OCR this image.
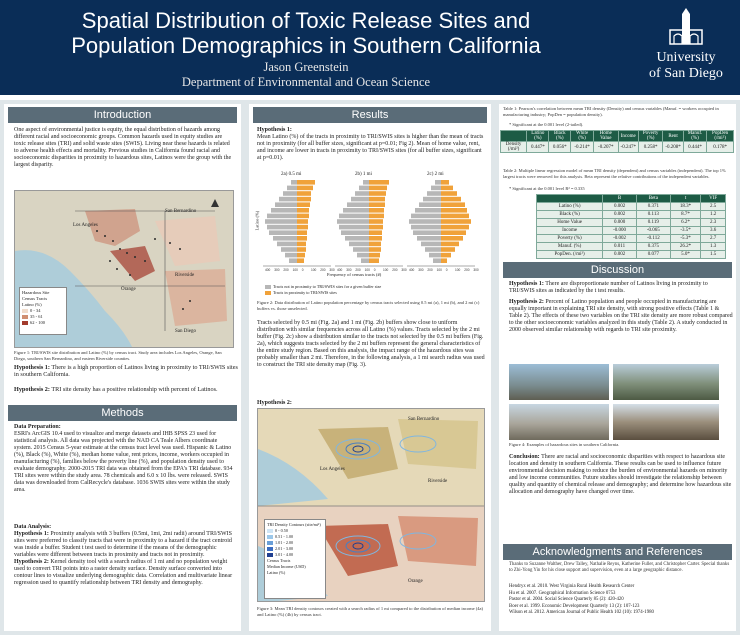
Spatial Distribution of Toxic Release Sites and
Population Demographics in Southern California
Jason Greenstein
Department of Environmental and Ocean Science
University
of San Diego
Introduction
One aspect of environmental justice is equity, the equal distribution of hazards among different racial and socioeconomic groups. Common hazards used in equity studies are toxic release sites (TRI) and solid waste sites (SWIS). Living near these hazards is related to adverse health effects and mortality. Previous studies in California found racial and socioeconomic disparities in proximity to hazardous sites, Latinos were the group with the largest disparity.
Los Angeles
San Bernardino
Riverside
Orange
San Diego
Hazardous Site
Census Tracts
Latino (%)
0 - 34
35 - 61
62 - 100
Figure 1: TRI/SWIS site distribution and Latino (%) by census tract. Study area includes Los Angeles, Orange, San Diego, southern San Bernardino, and eastern Riverside counties.
Hypothesis 1: There is a high proportion of Latinos living in proximity to TRI/SWIS sites in southern California.
Hypothesis 2: TRI site density has a positive relationship with percent of Latinos.
Methods
Data Preparation:
ESRI's ArcGIS 10.4 used to visualize and merge datasets and IHB SPSS 23 used for statistical analysis. All data was projected with the NAD CA Teale Albers coordinate system. 2015 Census 5-year estimate at the census tract level was used. Hispanic & Latino (%), Black (%), White (%), median home value, rent prices, income, workers occupied in manufacturing (%), families below the poverty line (%), and population density used to evaluate demography. 2000-2015 TRI data was obtained from the EPA's TRI database. 934 TRI sites were within the study area. 78 chemicals and 6.0 x 10 lbs. were released. SWIS data was downloaded from CalRecycle's database. 1036 SWIS sites were within the study area.
Data Analysis:
Hypothesis 1: Proximity analysis with 3 buffers (0.5mi, 1mi, 2mi radii) around TRI/SWIS sites were preferred to classify tracts that were in proximity to a hazard if the tract centroid was inside a buffer. Student t test used to determine if the means of the demographic variables were different between tracts in proximity and tracts not in proximity.
Hypothesis 2: Kernel density tool with a search radius of 1 mi and no population weight used to convert TRI points into a raster density surface. Density surface converted into contour lines to visualize underlying demographic data. Correlation and multivariate linear regression used to quantify relationship between TRI density and demography.
Results
Hypothesis 1:
Mean Latino (%) of the tracts in proximity to TRI/SWIS sites is higher than the mean of tracts not in proximity (for all buffer sizes, significant at p=0.01; Fig 2). Mean of home value, rent, and income are lower in tracts in proximity to TRI/SWIS sites (for all buffer sizes, significant at p=0.01).
400 300 200 100 0 100 200 300 400 300 200 100 0 100 200 300 400 300 200 100 0 100 200 300
2a) 0.5 mi	2b) 1 mi	2c) 2 mi
Latino (%)
Frequency of census tracts (#)
Tracts not in proximity to TRI/SWIS sites for a given buffer size
Tracts in proximity to TRI/SWIS sites
Figure 2: Data distribution of Latino population percentage by census tracts selected using 0.5 mi (a), 1 mi (b), and 2 mi (c) buffers vs. those unselected.
Tracts selected by 0.5 mi (Fig. 2a) and 1 mi (Fig. 2b) buffers show close to uniform distribution with similar frequencies across all Latino (%) values. Tracts selected by the 2 mi buffer (Fig. 2c) show a distribution similar to the tracts not selected by the 0.5 mi buffers (Fig. 2a), which suggests tracts selected by the 2 mi buffers represent the general characteristics of the entire study region. Based on this analysis, the impact range of the hazardous sites was probably smaller than 2 mi. Therefore, in the following analysis, a 1 mi search radius was used to construct the TRI site density map (Fig. 3).
Hypothesis 2:
San Bernardino
Los Angeles
Riverside
Orange
TRI Density Contours (site/mi²)
0 - 0.50
0.51 - 1.00
1.01 - 2.00
2.01 - 3.00
3.01 - 4.00
Census Tracts
Median Income (USD)
Latino (%)
Figure 3: Mean TRI density contours created with a search radius of 1 mi compared to the distribution of median income (4a) and Latino (%) (4b) by census tract.
Table 1: Pearson's correlation between mean TRI density (Density) and census variables (Manuf. = workers occupied in manufacturing industry; PopDen = population density).
* Significant at the 0.001 level (2-tailed).
	Latino (%)	Black (%)	White (%)	Home Value	Income	Poverty (%)	Rent	Manuf. (%)	PopDen (/mi²)
Density (/mi²)	0.447*	0.056*	-0.214*	-0.207*	-0.247*	0.258*	-0.208*	0.444*	0.178*
Table 2: Multiple linear regression model of mean TRI density (dependent) and census variables (independent). The top 1% largest tracts were removed for this analysis. Beta represent the relative contributions of the independent variables.
* Significant at the 0.001 level R² = 0.335
	B	Beta	t	VIF
Latino (%)	0.002	0.371	18.3*	2.5
Black (%)	0.002	0.113	8.7*	1.2
Home Value	0.000	0.119	6.2*	2.3
Income	-0.000	-0.065	-3.5*	3.6
Poverty (%)	-0.002	-0.112	-5.3*	2.7
Manuf. (%)	0.011	0.375	26.2*	1.3
PopDen. (/mi²)	0.002	0.077	5.0*	1.5
Discussion
Hypothesis 1: There are disproportionate number of Latinos living in proximity to TRI/SWIS sites as indicated by the t test results.
Hypothesis 2: Percent of Latino population and people occupied in manufacturing are equally important in explaining TRI site density, with strong positive effects (Table 1 & Table 2). The effects of these two variables on the TRI site density are more robust compared to the other socioeconomic variables analyzed in this study (Table 2). A study conducted in 2000 observed similar relationship with regards to TRI site proximity.
Figure 4: Examples of hazardous sites in southern California.
Conclusion: There are racial and socioeconomic disparities with respect to hazardous site location and density in southern California. These results can be used to influence future environmental decision making to reduce the burden of environmental hazards on minority and low income communities. Future studies should investigate the relationship between quality and quantity of chemical release and demography; and determine how hazardous site allocation and demography have changed over time.
Acknowledgments and References
Thanks to Suzanne Walther, Drew Talley, Nathalie Reyns, Katherine Fuller, and Christopher Carter. Special thanks to Zhi-Yong Yin for his close support and supervision, even at a large geographic distance.
Hendryx et al. 2010. West Virginia Rural Health Research Center
Hu et al. 2007. Geographical Information Science 0753
Pastor et al. 2004. Social Science Quarterly 85 (2): 420-420
Boer et al. 1999. Economic Development Quarterly 13 (2): 107-123
Wilson et al. 2012. American Journal of Public Health 102 (10): 1974-1980
